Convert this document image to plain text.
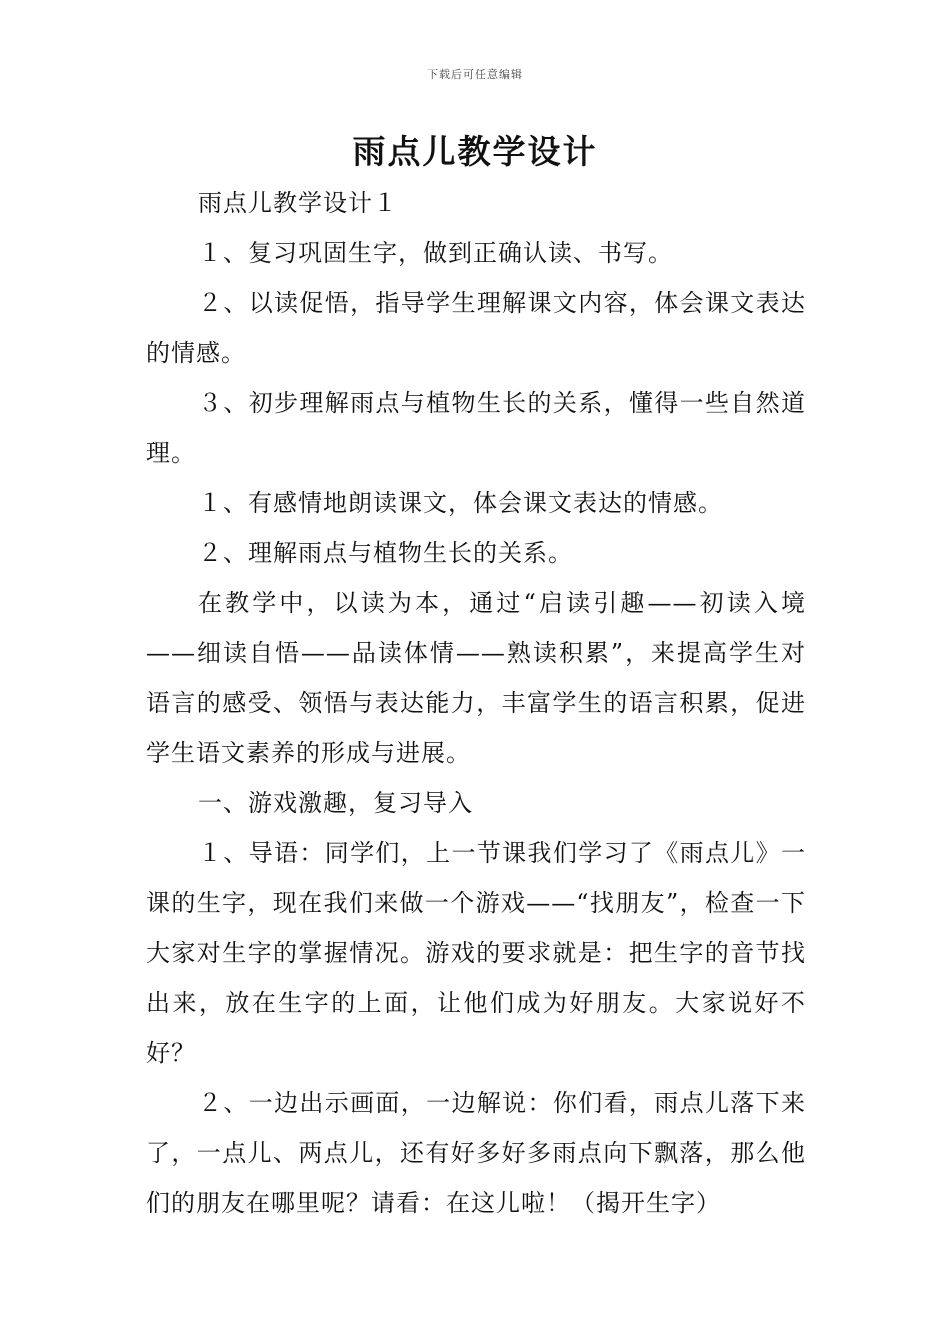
下载后可任意编辑
雨点儿教学设计

雨点儿教学设计１

１、复习巩固生字，做到正确认读、书写。

２、以读促悟，指导学生理解课文内容，体会课文表达的情感。

３、初步理解雨点与植物生长的关系，懂得一些自然道理。

１、有感情地朗读课文，体会课文表达的情感。

２、理解雨点与植物生长的关系。

在教学中，以读为本，通过“启读引趣——初读入境——细读自悟——品读体情——熟读积累”，来提高学生对语言的感受、领悟与表达能力，丰富学生的语言积累，促进学生语文素养的形成与进展。

一、游戏激趣，复习导入

１、导语：同学们，上一节课我们学习了《雨点儿》一课的生字，现在我们来做一个游戏——“找朋友”，检查一下大家对生字的掌握情况。游戏的要求就是：把生字的音节找出来，放在生字的上面，让他们成为好朋友。大家说好不好？

２、一边出示画面，一边解说：你们看，雨点儿落下来了，一点儿、两点儿，还有好多好多雨点向下飘落，那么他们的朋友在哪里呢？请看：在这儿啦！（揭开生字）
